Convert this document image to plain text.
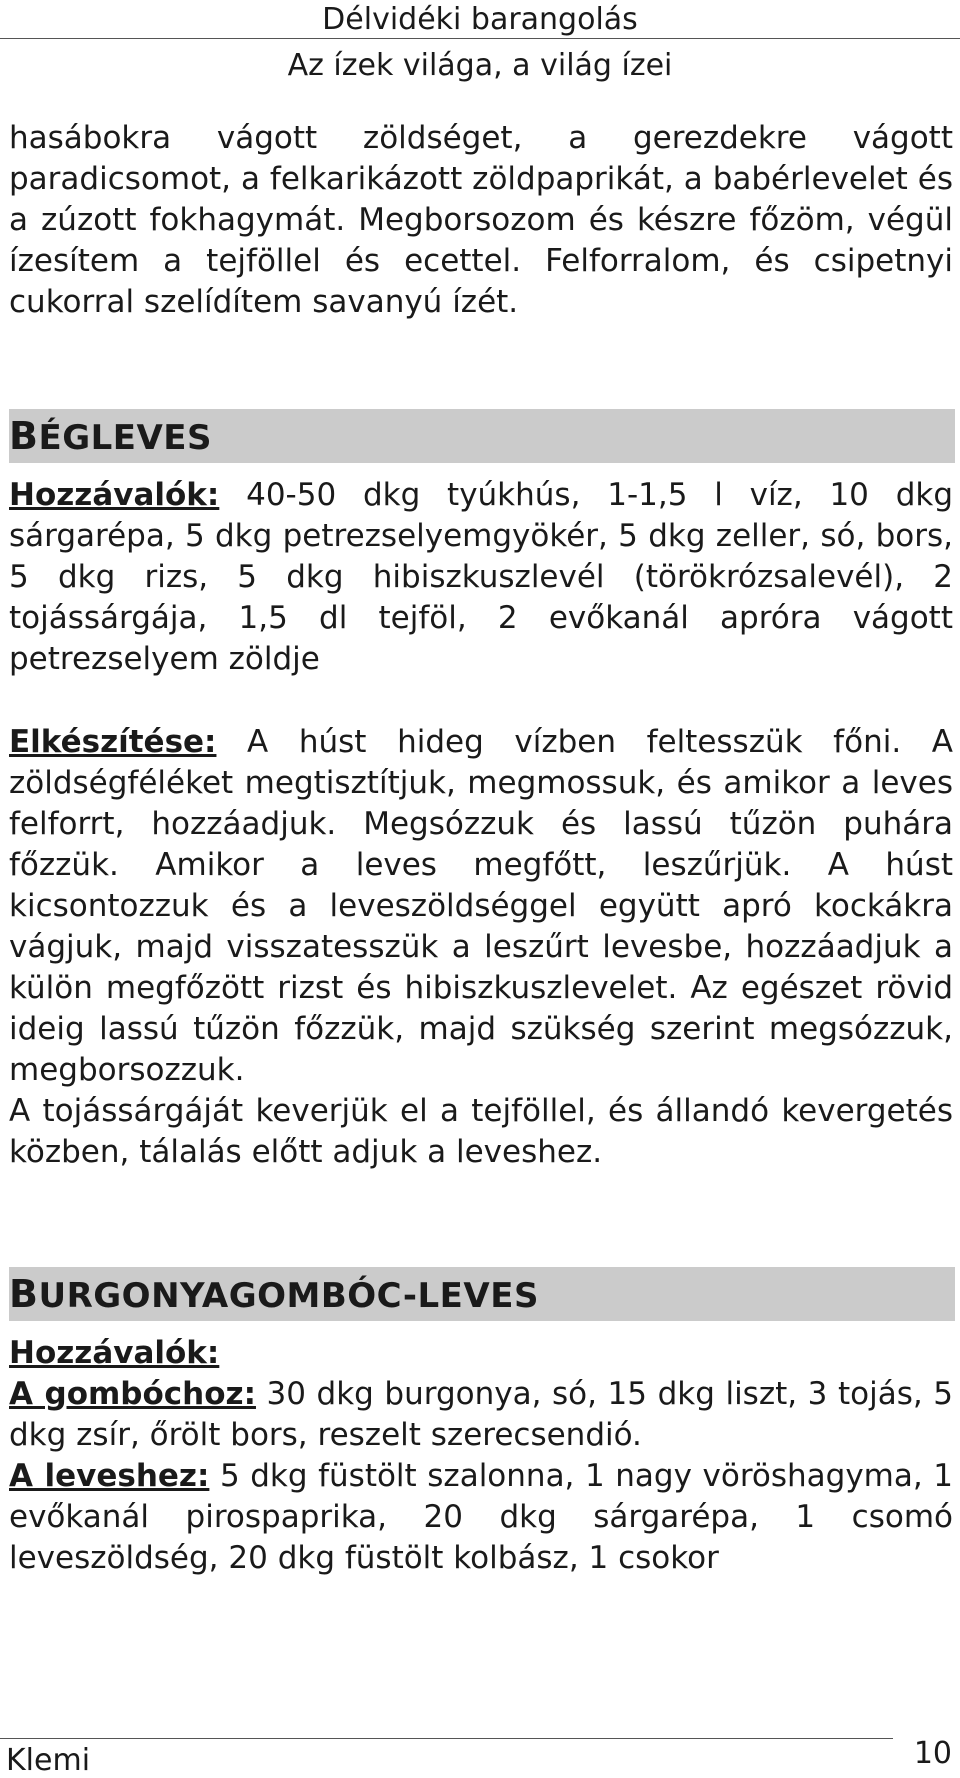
Délvidéki barangolás
Az ízek világa, a világ ízei

hasábokra vágott zöldséget, a gerezdekre vágott paradicsomot, a felkarikázott zöldpaprikát, a babérlevelet és a zúzott fokhagymát. Megborsozom és készre főzöm, végül ízesítem a tejföllel és ecettel. Felforralom, és csipetnyi cukorral szelídítem savanyú ízét.

BÉGLEVES

Hozzávalók: 40-50 dkg tyúkhús, 1-1,5 l víz, 10 dkg sárgarépa, 5 dkg petrezselyemgyökér, 5 dkg zeller, só, bors, 5 dkg rizs, 5 dkg hibiszkuszlevél (törökrózsalevél), 2 tojássárgája, 1,5 dl tejföl, 2 evőkanál apróra vágott petrezselyem zöldje

Elkészítése: A húst hideg vízben feltesszük főni. A zöldségféléket megtisztítjuk, megmossuk, és amikor a leves felforrt, hozzáadjuk. Megsózzuk és lassú tűzön puhára főzzük. Amikor a leves megfőtt, leszűrjük. A húst kicsontozzuk és a leveszöldséggel együtt apró kockákra vágjuk, majd visszatesszük a leszűrt levesbe, hozzáadjuk a külön megfőzött rizst és hibiszkuszlevelet. Az egészet rövid ideig lassú tűzön főzzük, majd szükség szerint megsózzuk, megborsozzuk.

A tojássárgáját keverjük el a tejföllel, és állandó kevergetés közben, tálalás előtt adjuk a leveshez.

BURGONYAGOMBÓC-LEVES

Hozzávalók:

A gombóchoz: 30 dkg burgonya, só, 15 dkg liszt, 3 tojás, 5 dkg zsír, őrölt bors, reszelt szerecsendió.

A leveshez: 5 dkg füstölt szalonna, 1 nagy vöröshagyma, 1 evőkanál pirospaprika, 20 dkg sárgarépa, 1 csomó leveszöldség, 20 dkg füstölt kolbász, 1 csokor

Klemi	10
